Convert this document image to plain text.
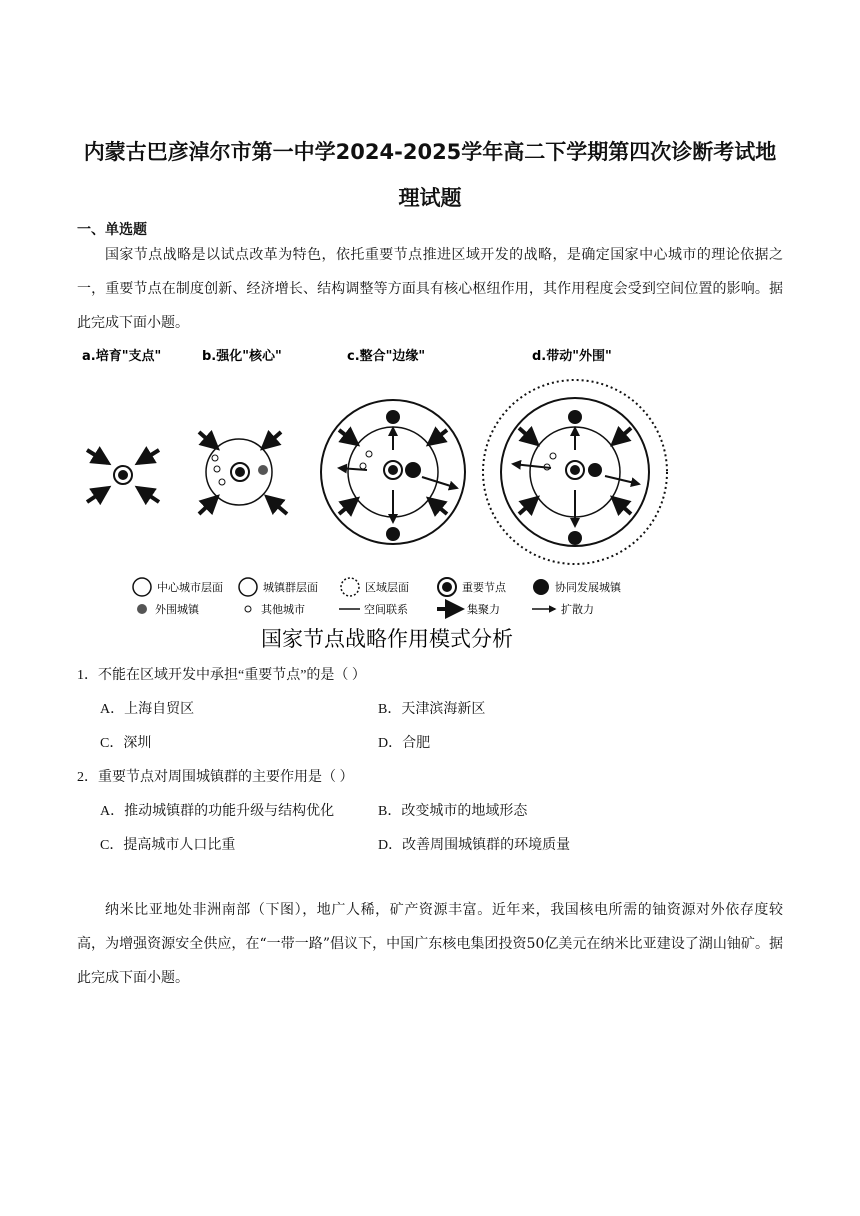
内蒙古巴彦淖尔市第一中学2024-2025学年高二下学期第四次诊断考试地
理试题
一、单选题
国家节点战略是以试点改革为特色，依托重要节点推进区域开发的战略，是确定国家中心城市的理论依据之一，重要节点在制度创新、经济增长、结构调整等方面具有核心枢纽作用，其作用程度会受到空间位置的影响。据此完成下面小题。
a.培育"支点"	b.强化"核心"	c.整合"边缘"	d.带动"外围"
中心城市层面	城镇群层面	区域层面	重要节点	协同发展城镇
外围城镇	其他城市	空间联系	集聚力	扩散力
国家节点战略作用模式分析
1．不能在区域开发中承担“重要节点”的是（ ）
A．上海自贸区	B．天津滨海新区
C．深圳	D．合肥
2．重要节点对周围城镇群的主要作用是（ ）
A．推动城镇群的功能升级与结构优化	B．改变城市的地域形态
C．提高城市人口比重	D．改善周围城镇群的环境质量
纳米比亚地处非洲南部（下图），地广人稀，矿产资源丰富。近年来，我国核电所需的铀资源对外依存度较高，为增强资源安全供应，在“一带一路”倡议下，中国广东核电集团投资50亿美元在纳米比亚建设了湖山铀矿。据此完成下面小题。
